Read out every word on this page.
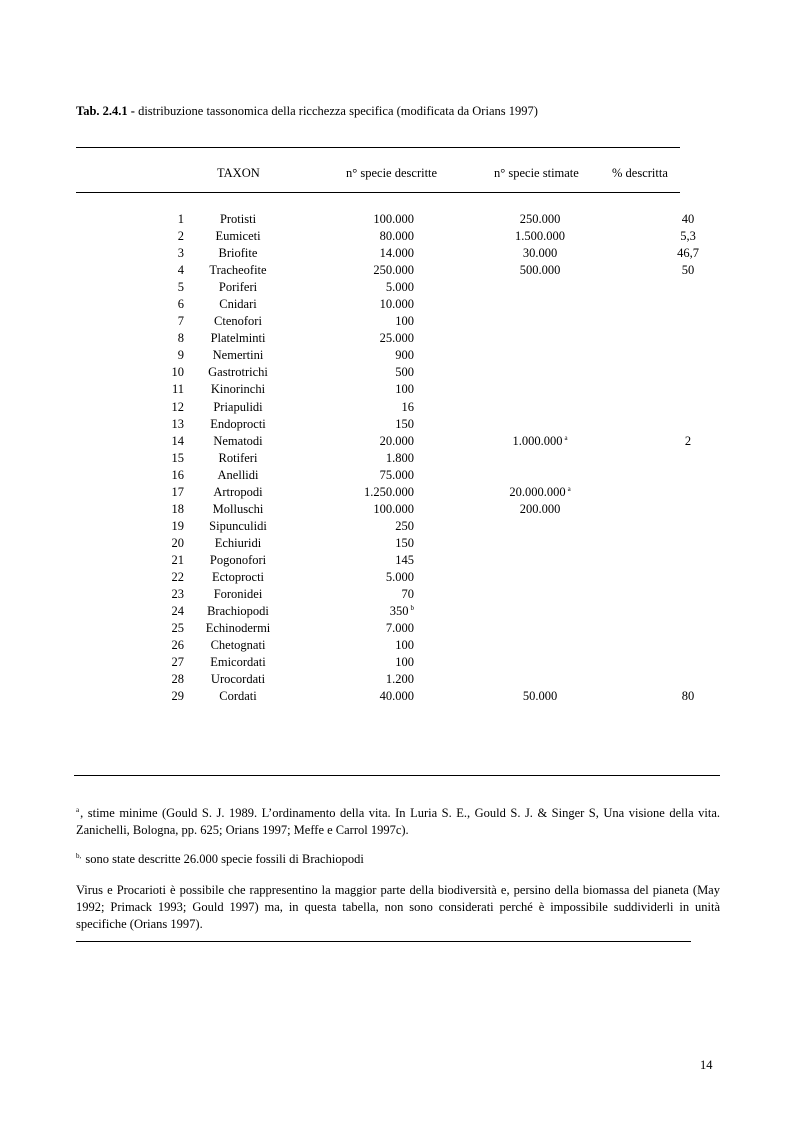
Tab. 2.4.1 - distribuzione tassonomica della ricchezza specifica (modificata da Orians 1997)
TAXON	n° specie descritte	n° specie stimate	% descritta
1		Protisti	100.000	250.000	40
2		Eumiceti	80.000	1.500.000	5,3
3		Briofite	14.000	30.000	46,7
4		Tracheofite	250.000	500.000	50
5		Poriferi	5.000		
6		Cnidari	10.000		
7		Ctenofori	100		
8		Platelminti	25.000		
9		Nemertini	900		
10		Gastrotrichi	500		
11		Kinorinchi	100		
12		Priapulidi	16		
13		Endoprocti	150		
14		Nematodi	20.000	1.000.000 $^a$	2
15		Rotiferi	1.800		
16		Anellidi	75.000		
17		Artropodi	1.250.000	20.000.000 $^a$	
18		Molluschi	100.000	200.000	
19		Sipunculidi	250		
20		Echiuridi	150		
21		Pogonofori	145		
22		Ectoprocti	5.000		
23		Foronidei	70		
24		Brachiopodi	350 $^b$		
25		Echinodermi	7.000		
26		Chetognati	100		
27		Emicordati	100		
28		Urocordati	1.200		
29		Cordati	40.000	50.000	80
$^a$, stime minime (Gould S. J. 1989. L’ordinamento della vita. In Luria S. E., Gould S. J. & Singer S, Una visione della vita. Zanichelli, Bologna, pp. 625; Orians 1997; Meffe e Carrol 1997c).
$^{b,}$ sono state descritte 26.000 specie fossili di Brachiopodi
Virus e Procarioti è possibile che rappresentino la maggior parte della biodiversità e, persino della biomassa del pianeta (May 1992; Primack 1993; Gould 1997) ma, in questa tabella, non sono considerati perché è impossibile suddividerli in unità specifiche (Orians 1997).
14
